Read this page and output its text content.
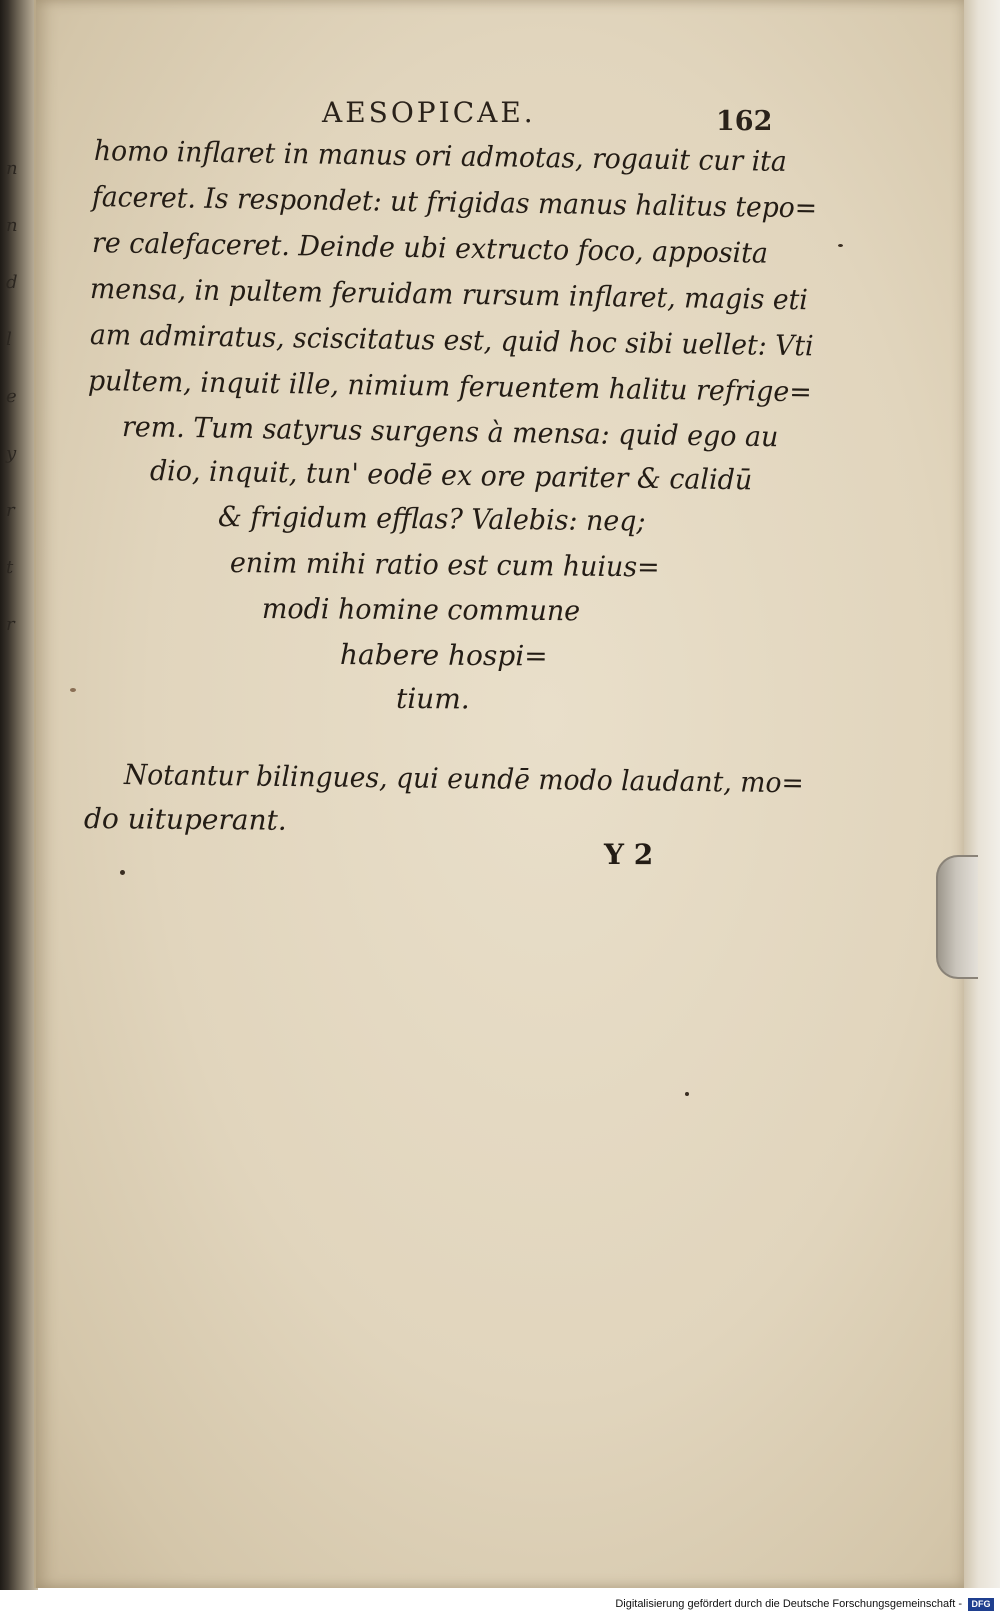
n
n
d
l
e
y
r
t
r
AESOPICAE.	162
homo inflaret in manus ori admotas, rogauit cur ita
faceret. Is respondet: ut frigidas manus halitus tepo=
re calefaceret. Deinde ubi extructo foco, apposita
mensa, in pultem feruidam rursum inflaret, magis eti
am admiratus, sciscitatus est, quid hoc sibi uellet: Vti
pultem, inquit ille, nimium feruentem halitu refrige=
rem. Tum satyrus surgens à mensa: quid ego au
dio, inquit, tun' eodē ex ore pariter & calidū
& frigidum efflas? Valebis: neq;
enim mihi ratio est cum huius=
modi homine commune
habere hospi=
tium.
Notantur bilingues, qui eundē modo laudant, mo=
do uituperant.
Y 2
Digitalisierung gefördert durch die Deutsche Forschungsgemeinschaft -	DFG
